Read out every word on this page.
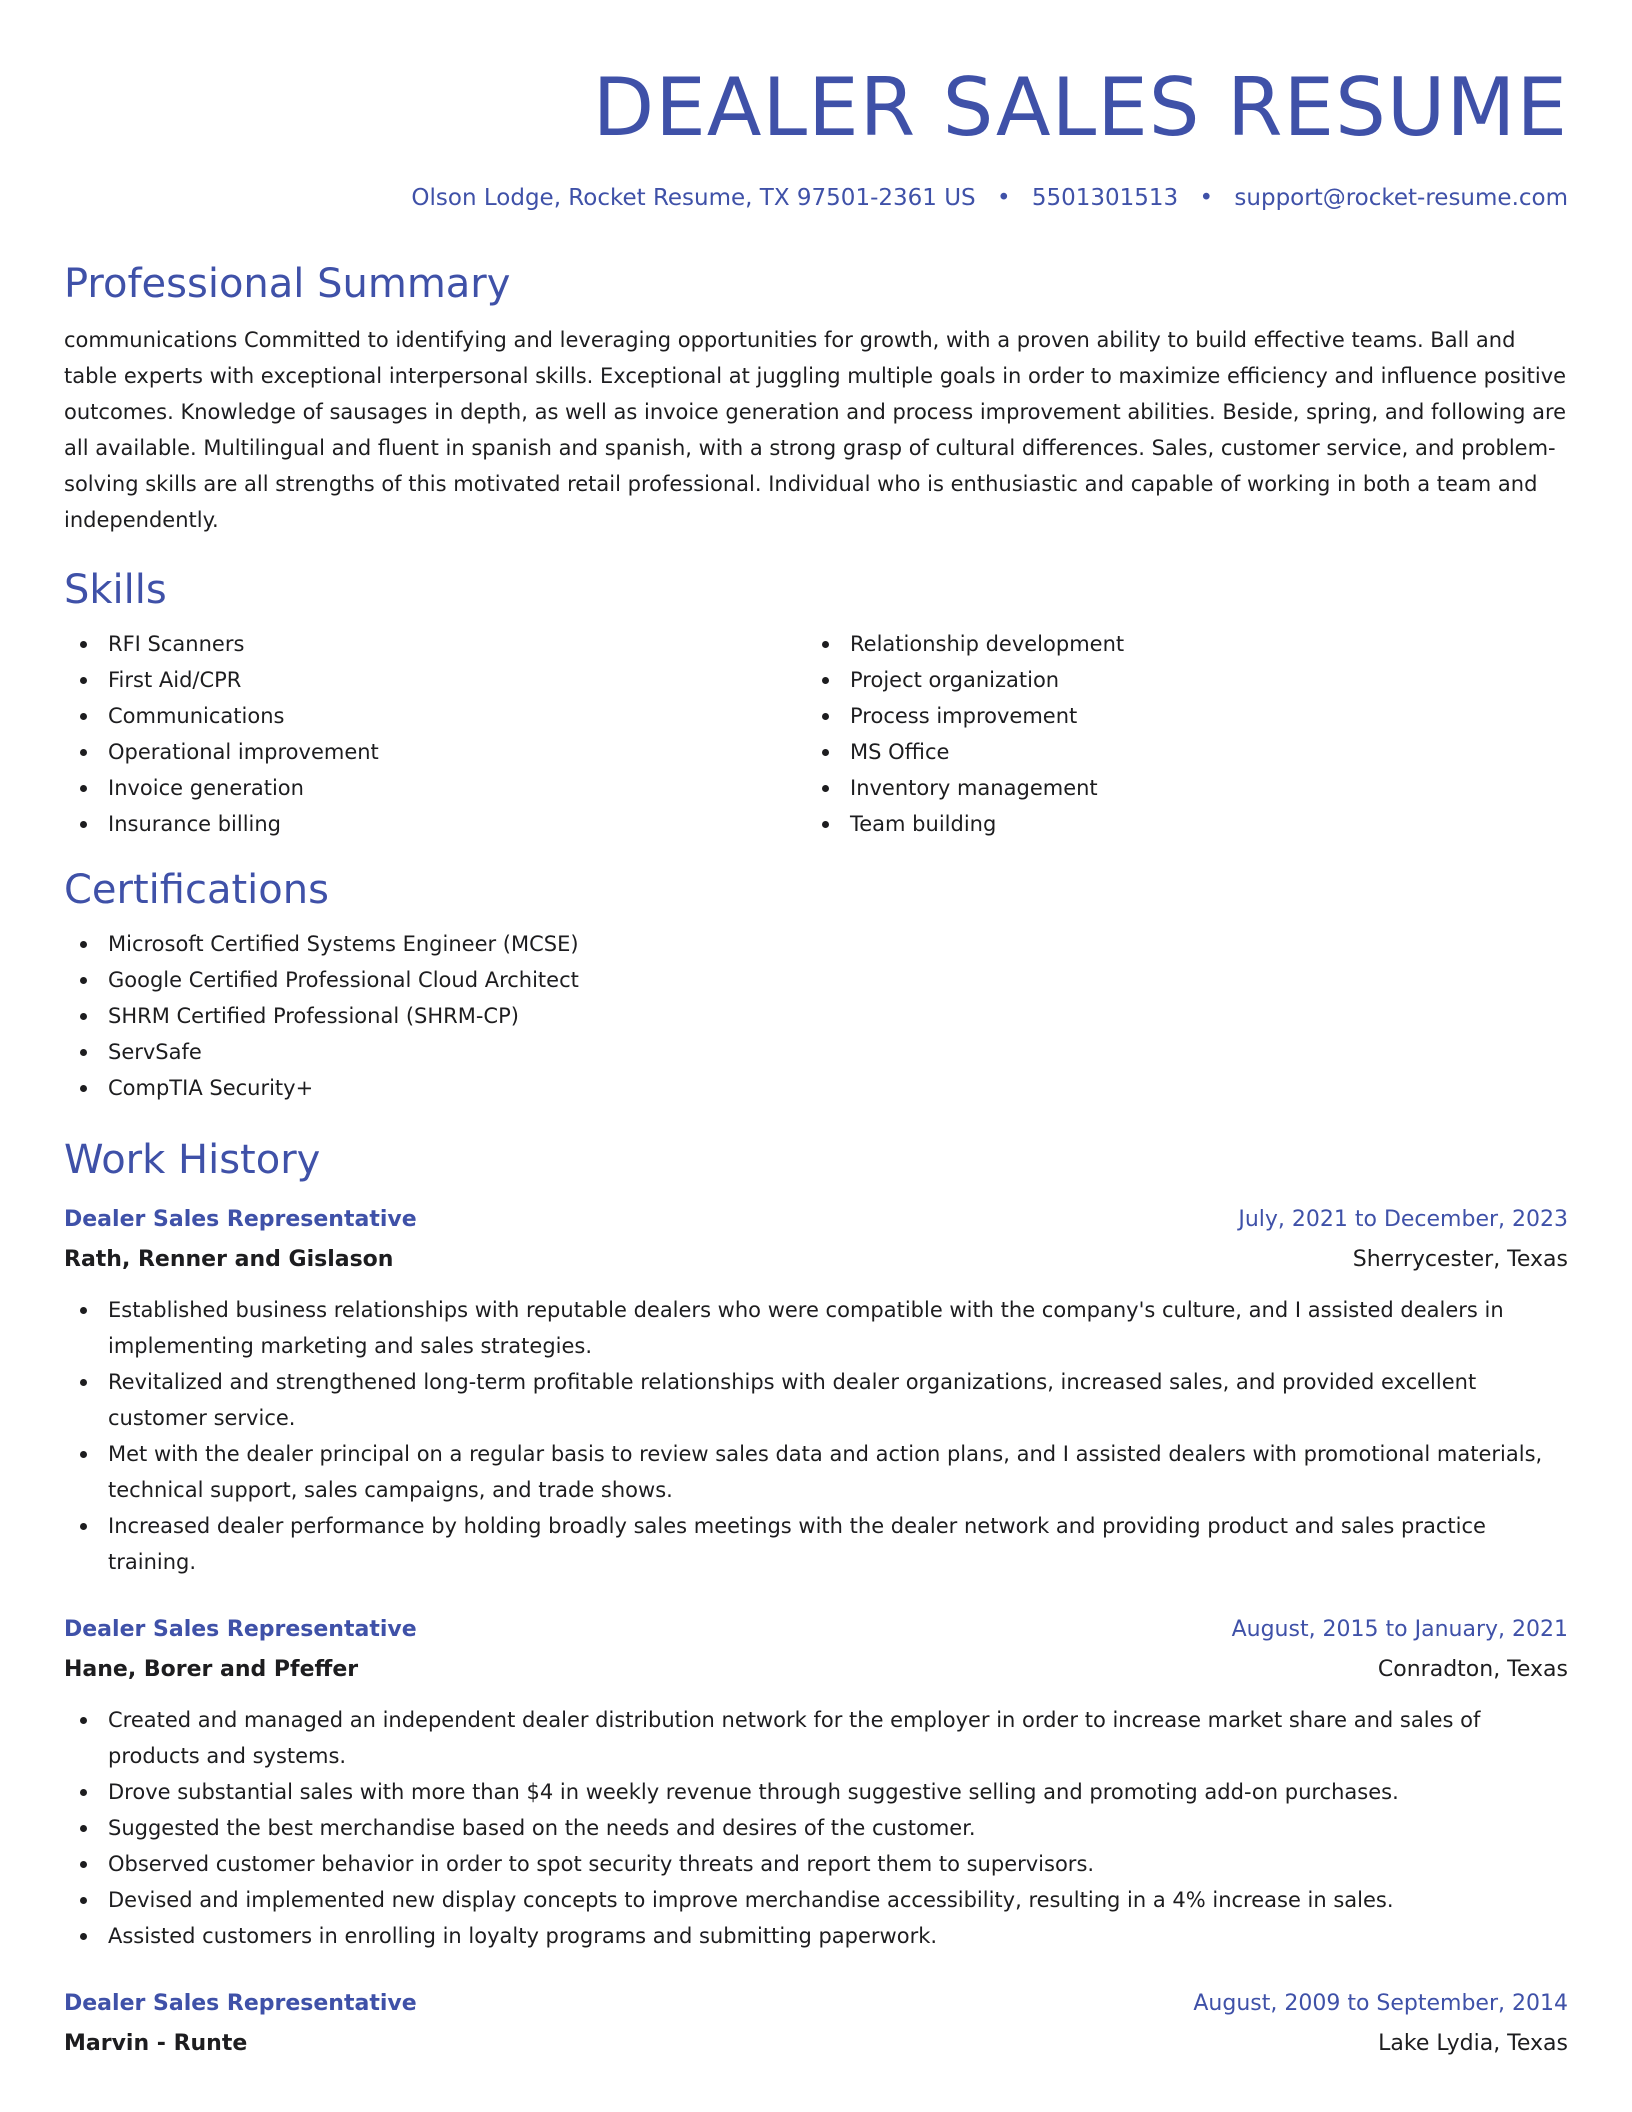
DEALER SALES RESUME
Olson Lodge, Rocket Resume, TX 97501-2361 US • 5501301513 • support@rocket-resume.com
Professional Summary

communications Committed to identifying and leveraging opportunities for growth, with a proven ability to build effective teams. Ball and table experts with exceptional interpersonal skills. Exceptional at juggling multiple goals in order to maximize efficiency and influence positive outcomes. Knowledge of sausages in depth, as well as invoice generation and process improvement abilities. Beside, spring, and following are all available. Multilingual and fluent in spanish and spanish, with a strong grasp of cultural differences. Sales, customer service, and problem-solving skills are all strengths of this motivated retail professional. Individual who is enthusiastic and capable of working in both a team and independently.

Skills
RFI Scanners
First Aid/CPR
Communications
Operational improvement
Invoice generation
Insurance billing
Relationship development
Project organization
Process improvement
MS Office
Inventory management
Team building
Certifications
Microsoft Certified Systems Engineer (MCSE)
Google Certified Professional Cloud Architect
SHRM Certified Professional (SHRM-CP)
ServSafe
CompTIA Security+
Work History
Dealer Sales Representative	July, 2021 to December, 2023
Rath, Renner and Gislason	Sherrycester, Texas
Established business relationships with reputable dealers who were compatible with the company's culture, and I assisted dealers in implementing marketing and sales strategies.
Revitalized and strengthened long-term profitable relationships with dealer organizations, increased sales, and provided excellent customer service.
Met with the dealer principal on a regular basis to review sales data and action plans, and I assisted dealers with promotional materials, technical support, sales campaigns, and trade shows.
Increased dealer performance by holding broadly sales meetings with the dealer network and providing product and sales practice training.
Dealer Sales Representative	August, 2015 to January, 2021
Hane, Borer and Pfeffer	Conradton, Texas
Created and managed an independent dealer distribution network for the employer in order to increase market share and sales of products and systems.
Drove substantial sales with more than $4 in weekly revenue through suggestive selling and promoting add-on purchases.
Suggested the best merchandise based on the needs and desires of the customer.
Observed customer behavior in order to spot security threats and report them to supervisors.
Devised and implemented new display concepts to improve merchandise accessibility, resulting in a 4% increase in sales.
Assisted customers in enrolling in loyalty programs and submitting paperwork.
Dealer Sales Representative	August, 2009 to September, 2014
Marvin - Runte	Lake Lydia, Texas
